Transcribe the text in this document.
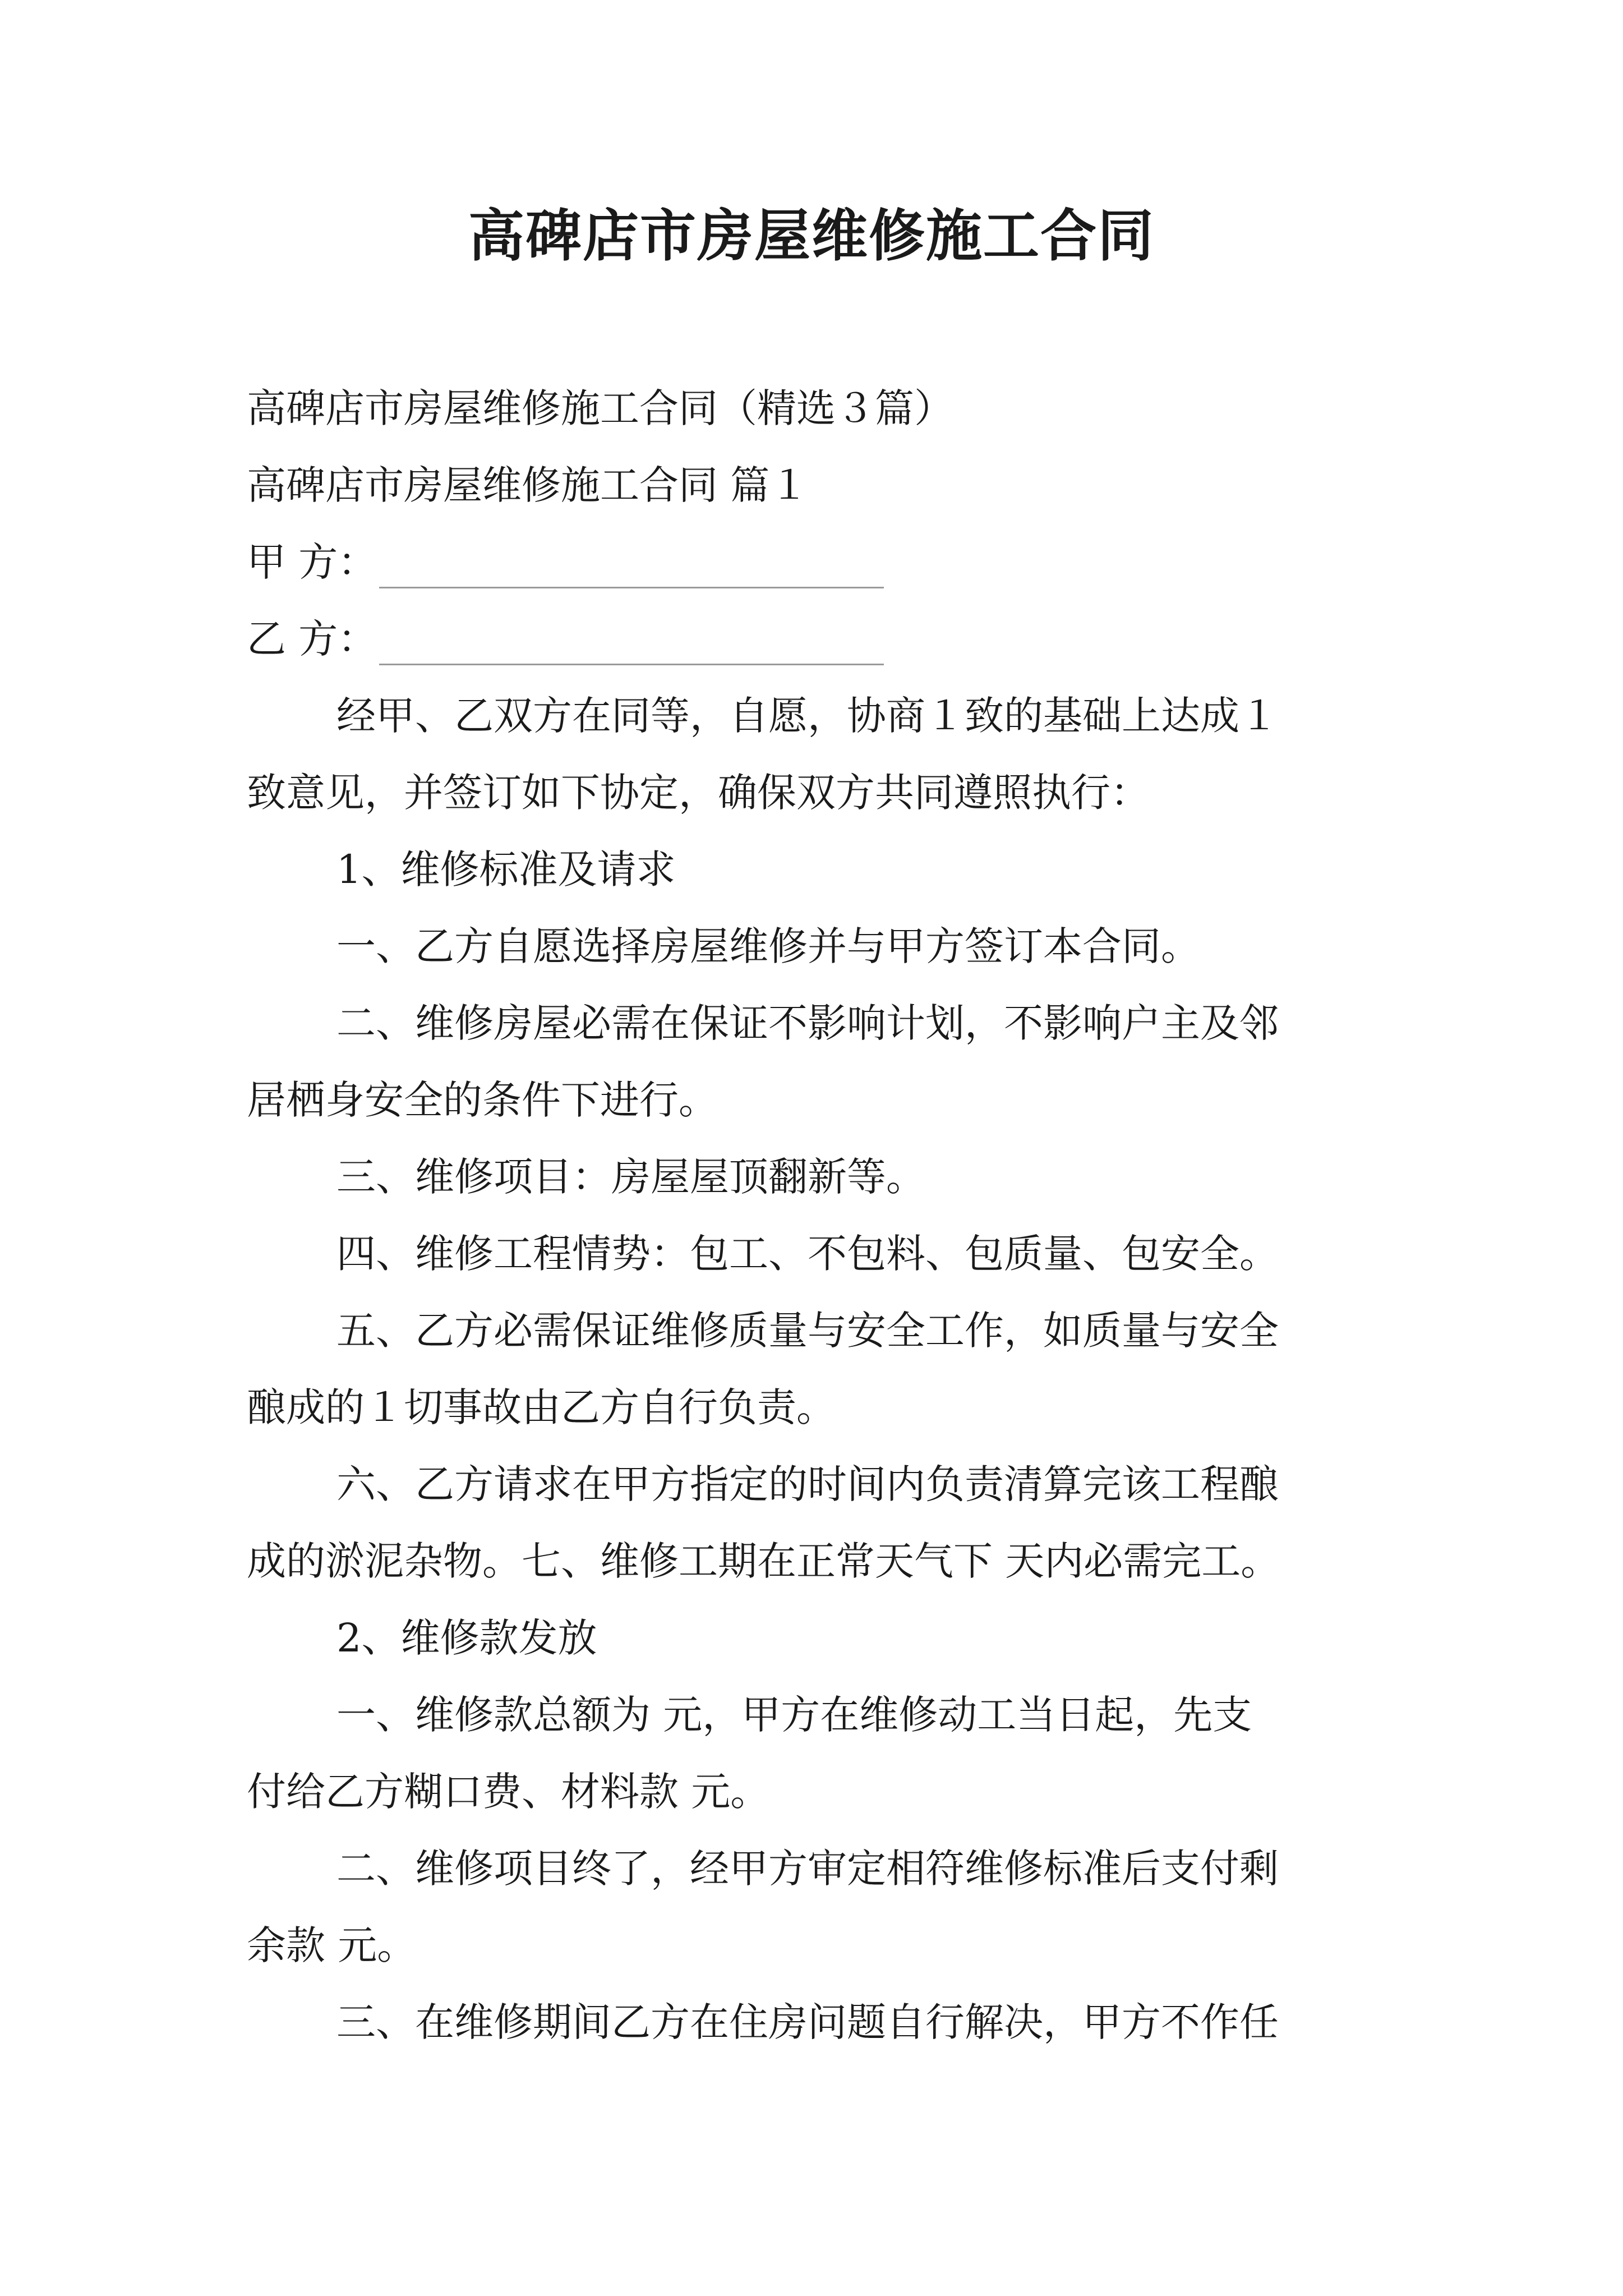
高碑店市房屋维修施工合同

高碑店市房屋维修施工合同（精选３篇）

高碑店市房屋维修施工合同 篇１

甲 方：
乙 方：

经甲、乙双方在同等，自愿，协商１致的基础上达成１

致意见，并签订如下协定，确保双方共同遵照执行：

1、维修标准及请求

一、乙方自愿选择房屋维修并与甲方签订本合同。

二、维修房屋必需在保证不影响计划，不影响户主及邻

居栖身安全的条件下进行。

三、维修项目：房屋屋顶翻新等。

四、维修工程情势：包工、不包料、包质量、包安全。

五、乙方必需保证维修质量与安全工作，如质量与安全

酿成的１切事故由乙方自行负责。

六、乙方请求在甲方指定的时间内负责清算完该工程酿

成的淤泥杂物。七、维修工期在正常天气下 天内必需完工。

2、维修款发放

一、维修款总额为 元，甲方在维修动工当日起，先支

付给乙方糊口费、材料款 元。

二、维修项目终了，经甲方审定相符维修标准后支付剩

余款 元。

三、在维修期间乙方在住房问题自行解决，甲方不作任
